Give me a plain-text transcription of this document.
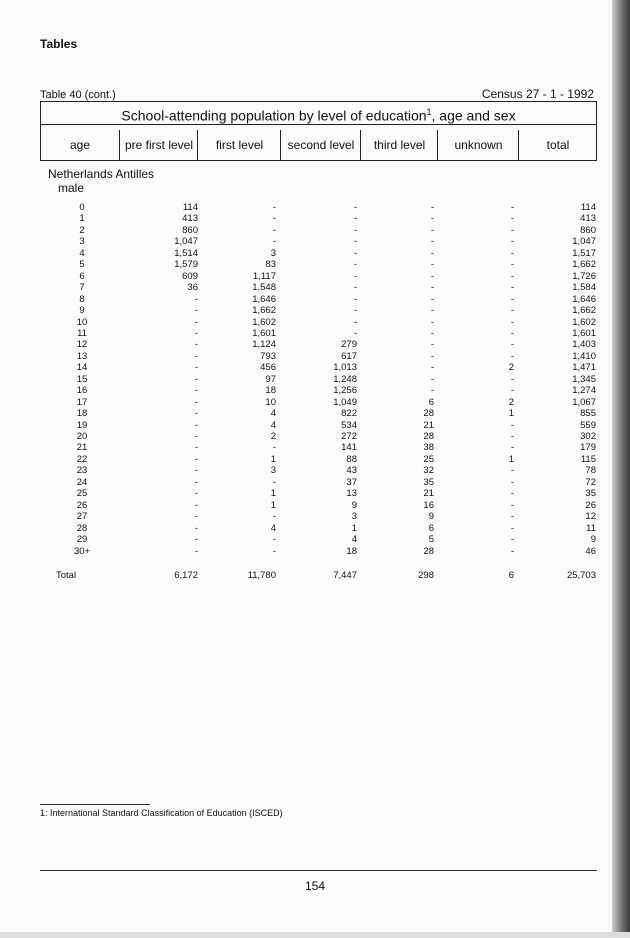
Tables
Table 40 (cont.)	Census 27 - 1 - 1992
School-attending population by level of education$^1$, age and sex
age	pre first level	first level	second level	third level	unknown	total
Netherlands Antilles
male
0	114	-	-	-	-	114
1	413	-	-	-	-	413
2	860	-	-	-	-	860
3	1,047	-	-	-	-	1,047
4	1,514	3	-	-	-	1,517
5	1,579	83	-	-	-	1,662
6	609	1,117	-	-	-	1,726
7	36	1,548	-	-	-	1,584
8	-	1,646	-	-	-	1,646
9	-	1,662	-	-	-	1,662
10	-	1,602	-	-	-	1,602
11	-	1,601	-	-	-	1,601
12	-	1,124	279	-	-	1,403
13	-	793	617	-	-	1,410
14	-	456	1,013	-	2	1,471
15	-	97	1,248	-	-	1,345
16	-	18	1,256	-	-	1,274
17	-	10	1,049	6	2	1,067
18	-	4	822	28	1	855
19	-	4	534	21	-	559
20	-	2	272	28	-	302
21	-	-	141	38	-	179
22	-	1	88	25	1	115
23	-	3	43	32	-	78
24	-	-	37	35	-	72
25	-	1	13	21	-	35
26	-	1	9	16	-	26
27	-	-	3	9	-	12
28	-	4	1	6	-	11
29	-	-	4	5	-	9
30+	-	-	18	28	-	46
Total	6,172	11,780	7,447	298	6	25,703
1: International Standard Classification of Education (ISCED)
154
